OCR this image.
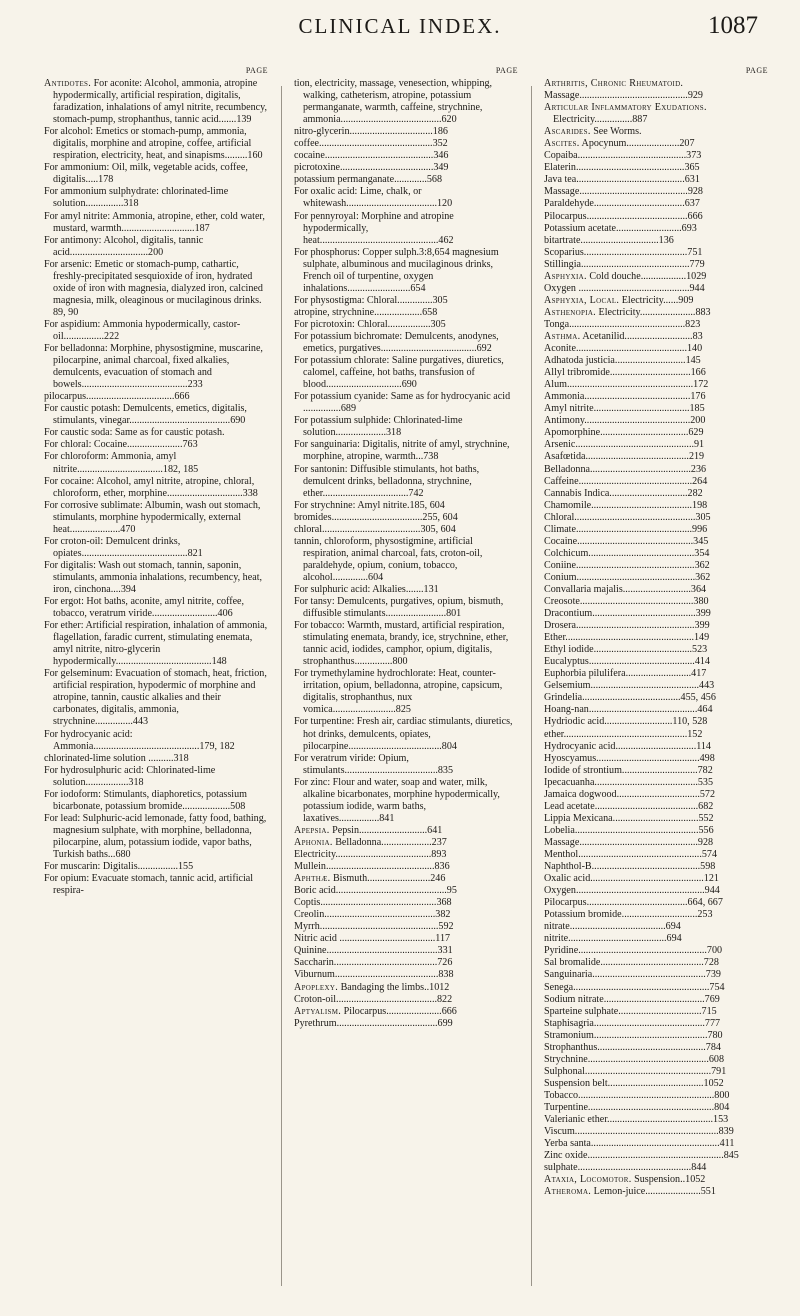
CLINICAL INDEX.	1087
PAGE

Antidotes. For aconite: Alcohol, ammonia, atropine hypodermically, artificial respiration, digitalis, faradization, inhalations of amyl nitrite, recumbency, stomach-pump, strophanthus, tannic acid.......139

For alcohol: Emetics or stomach-pump, ammonia, digitalis, morphine and atropine, coffee, artificial respiration, electricity, heat, and sinapisms.........160

For ammonium: Oil, milk, vegetable acids, coffee, digitalis.....178

For ammonium sulphydrate: chlorinated-lime solution...............318

For amyl nitrite: Ammonia, atropine, ether, cold water, mustard, warmth.............................187

For antimony: Alcohol, digitalis, tannic acid...............................200

For arsenic: Emetic or stomach-pump, cathartic, freshly-precipitated sesquioxide of iron, hydrated oxide of iron with magnesia, dialyzed iron, calcined magnesia, milk, oleaginous or mucilaginous drinks. 89, 90

For aspidium: Ammonia hypodermically, castor-oil................222

For belladonna: Morphine, physostigmine, muscarine, pilocarpine, animal charcoal, fixed alkalies, demulcents, evacuation of stomach and bowels..........................................233

pilocarpus...................................666

For caustic potash: Demulcents, emetics, digitalis, stimulants, vinegar........................................690

For caustic soda: Same as for caustic potash.

For chloral: Cocaine......................763

For chloroform: Ammonia, amyl nitrite..................................182, 185

For cocaine: Alcohol, amyl nitrite, atropine, chloral, chloroform, ether, morphine..............................338

For corrosive sublimate: Albumin, wash out stomach, stimulants, morphine hypodermically, external heat....................470

For croton-oil: Demulcent drinks, opiates..........................................821

For digitalis: Wash out stomach, tannin, saponin, stimulants, ammonia inhalations, recumbency, heat, iron, cinchona....394

For ergot: Hot baths, aconite, amyl nitrite, coffee, tobacco, veratrum viride..........................406

For ether: Artificial respiration, inhalation of ammonia, flagellation, faradic current, stimulating enemata, amyl nitrite, nitro-glycerin hypodermically......................................148

For gelseminum: Evacuation of stomach, heat, friction, artificial respiration, hypodermic of morphine and atropine, tannin, caustic alkalies and their carbonates, digitalis, ammonia, strychnine...............443

For hydrocyanic acid: Ammonia..........................................179, 182

chlorinated-lime solution ..........318

For hydrosulphuric acid: Chlorinated-lime solution.................318

For iodoform: Stimulants, diaphoretics, potassium bicarbonate, potassium bromide...................508

For lead: Sulphuric-acid lemonade, fatty food, bathing, magnesium sulphate, with morphine, belladonna, pilocarpine, alum, potassium iodide, vapor baths, Turkish baths...680

For muscarin: Digitalis................155

For opium: Evacuate stomach, tannic acid, artificial respira-

PAGE

tion, electricity, massage, venesection, whipping, walking, catheterism, atropine, potassium permanganate, warmth, caffeine, strychnine, ammonia........................................620

nitro-glycerin.................................186

coffee.............................................352

cocaine...........................................346

picrotoxine.....................................349

potassium permanganate.............568

For oxalic acid: Lime, chalk, or whitewash....................................120

For pennyroyal: Morphine and atropine hypodermically, heat...............................................462

For phosphorus: Copper sulph.3:8,654 magnesium sulphate, albuminous and mucilaginous drinks, French oil of turpentine, oxygen inhalations.........................654

For physostigma: Chloral..............305

atropine, strychnine...................658

For picrotoxin: Chloral.................305

For potassium bichromate: Demulcents, anodynes, emetics, purgatives......................................692

For potassium chlorate: Saline purgatives, diuretics, calomel, caffeine, hot baths, transfusion of blood..............................690

For potassium cyanide: Same as for hydrocyanic acid ...............689

For potassium sulphide: Chlorinated-lime solution....................318

For sanguinaria: Digitalis, nitrite of amyl, strychnine, morphine, atropine, warmth...738

For santonin: Diffusible stimulants, hot baths, demulcent drinks, belladonna, strychnine, ether..................................742

For strychnine: Amyl nitrite.185, 604

bromides....................................255, 604

chloral.......................................305, 604

tannin, chloroform, physostigmine, artificial respiration, animal charcoal, fats, croton-oil, paraldehyde, opium, conium, tobacco, alcohol..............604

For sulphuric acid: Alkalies.......131

For tansy: Demulcents, purgatives, opium, bismuth, diffusible stimulants........................801

For tobacco: Warmth, mustard, artificial respiration, stimulating enemata, brandy, ice, strychnine, ether, tannic acid, iodides, camphor, opium, digitalis, strophanthus...............800

For trymethylamine hydrochlorate: Heat, counter-irritation, opium, belladonna, atropine, capsicum, digitalis, strophanthus, nux vomica.........................825

For turpentine: Fresh air, cardiac stimulants, diuretics, hot drinks, demulcents, opiates, pilocarpine.....................................804

For veratrum viride: Opium, stimulants.....................................835

For zinc: Flour and water, soap and water, milk, alkaline bicarbonates, morphine hypodermically, potassium iodide, warm baths, laxatives................841

Apepsia. Pepsin...........................641

Aphonia. Belladonna....................237

Electricity......................................893

Mullein...........................................836

Aphthæ. Bismuth.........................246

Boric acid............................................95

Coptis..............................................368

Creolin............................................382

Myrrh...............................................592

Nitric acid ......................................117

Quinine............................................331

Saccharin.........................................726

Viburnum.........................................838

Apoplexy. Bandaging the limbs..1012

Croton-oil........................................822

Aptyalism. Pilocarpus......................666

Pyrethrum........................................699

PAGE

Arthritis, Chronic Rheumatoid.

Massage...........................................929

Articular Inflammatory Exudations. Electricity...............887

Ascarides. See Worms.

Ascites. Apocynum.....................207

Copaiba...........................................373

Elaterin...........................................365

Java tea...........................................631

Massage...........................................928

Paraldehyde....................................637

Pilocarpus........................................666

Potassium acetate..........................693

bitartrate...............................136

Scoparius.........................................751

Stillingia...........................................779

Asphyxia. Cold douche..................1029

Oxygen ............................................944

Asphyxia, Local. Electricity......909

Asthenopia. Electricity......................883

Tonga..............................................823

Asthma. Acetanilid...........................83

Aconite............................................140

Adhatoda justicia............................145

Allyl tribromide................................166

Alum..................................................172

Ammonia..........................................176

Amyl nitrite......................................185

Antimony..........................................200

Apomorphine...................................629

Arsenic...............................................91

Asafœtida.........................................219

Belladonna........................................236

Caffeine.............................................264

Cannabis Indica...............................282

Chamomile........................................198

Chloral................................................305

Climate..............................................996

Cocaine..............................................345

Colchicum..........................................354

Coniine...............................................362

Conium...............................................362

Convallaria majalis...........................364

Creosote.............................................380

Dracontium.........................................399

Drosera...............................................399

Ether...................................................149

Ethyl iodide.......................................523

Eucalyptus..........................................414

Euphorbia pilulifera..........................417

Gelsemium...........................................443

Grindelia.......................................455, 456

Hoang-nan...........................................464

Hydriodic acid...........................110, 528

ether.................................................152

Hydrocyanic acid................................114

Hyoscyamus.........................................498

Iodide of strontium..............................782

Ipecacuanha.........................................535

Jamaica dogwood.................................572

Lead acetate.........................................682

Lippia Mexicana..................................552

Lobelia.................................................556

Massage...............................................928

Menthol.................................................574

Naphthol-B...........................................598

Oxalic acid.............................................121

Oxygen...................................................944

Pilocarpus........................................664, 667

Potassium bromide..............................253

nitrate......................................694

nitrite.......................................694

Pyridine...................................................700

Sal bromalide.........................................728

Sanguinaria.............................................739

Senega......................................................754

Sodium nitrate........................................769

Sparteine sulphate.................................715

Staphisagria............................................777

Stramonium.............................................780

Strophanthus...........................................784

Strychnine................................................608

Sulphonal..................................................791

Suspension belt......................................1052

Tobacco......................................................800

Turpentine..................................................804

Valerianic ether..........................................153

Viscum.........................................................839

Yerba santa...................................................411

Zinc oxide......................................................845

sulphate.............................................844

Ataxia, Locomotor. Suspension..1052

Atheroma. Lemon-juice......................551
